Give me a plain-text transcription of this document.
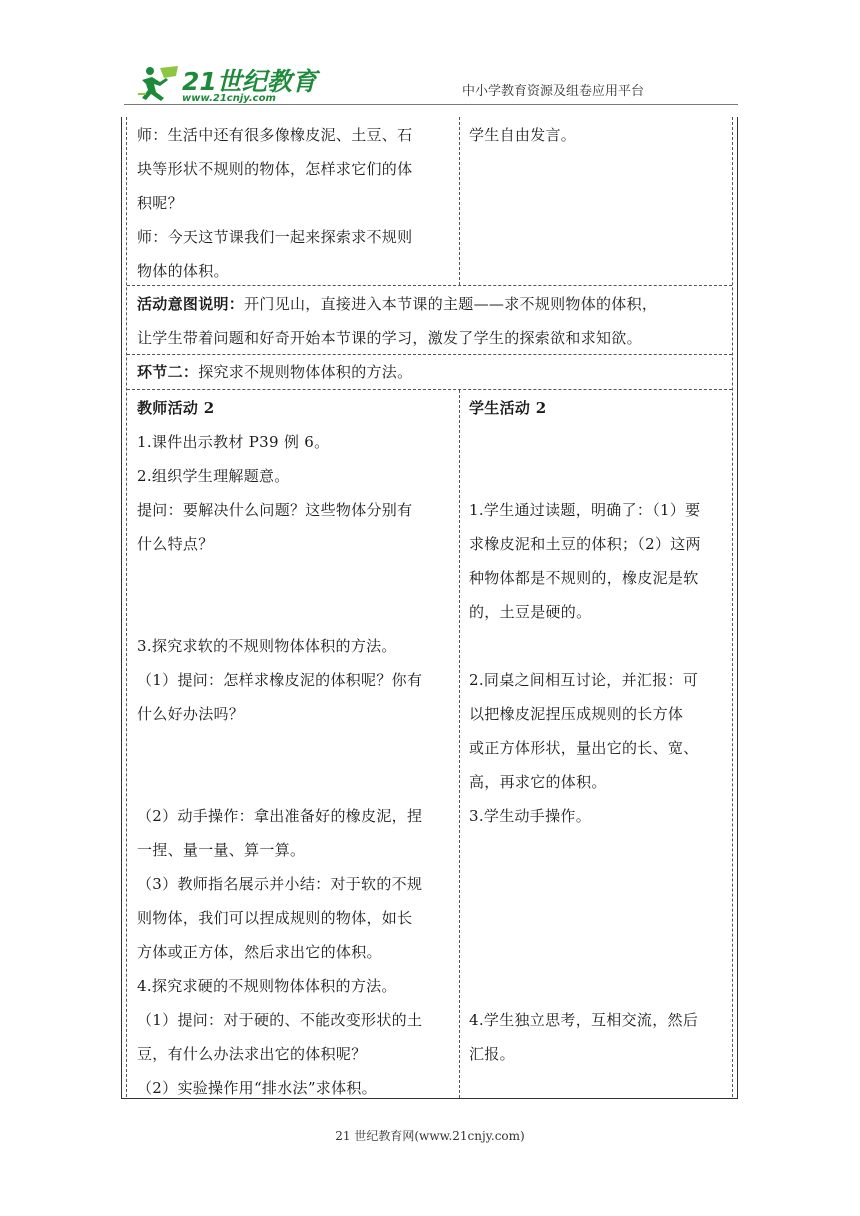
21世纪教育
www.21cnjy.com	中小学教育资源及组卷应用平台

师：生活中还有很多像橡皮泥、土豆、石

块等形状不规则的物体，怎样求它们的体

积呢？

师：今天这节课我们一起来探索求不规则

物体的体积。

学生自由发言。

活动意图说明：开门见山，直接进入本节课的主题——求不规则物体的体积，

让学生带着问题和好奇开始本节课的学习，激发了学生的探索欲和求知欲。

环节二：探究求不规则物体体积的方法。

教师活动 2

1.课件出示教材 P39 例 6。

2.组织学生理解题意。

提问：要解决什么问题？这些物体分别有

什么特点？

3.探究求软的不规则物体体积的方法。

（1）提问：怎样求橡皮泥的体积呢？你有

什么好办法吗？

（2）动手操作：拿出准备好的橡皮泥，捏

一捏、量一量、算一算。

（3）教师指名展示并小结：对于软的不规

则物体，我们可以捏成规则的物体，如长

方体或正方体，然后求出它的体积。

4.探究求硬的不规则物体体积的方法。

（1）提问：对于硬的、不能改变形状的土

豆，有什么办法求出它的体积呢？

（2）实验操作用“排水法”求体积。

学生活动 2

1.学生通过读题，明确了：（1）要

求橡皮泥和土豆的体积；（2）这两

种物体都是不规则的，橡皮泥是软

的，土豆是硬的。

2.同桌之间相互讨论，并汇报：可

以把橡皮泥捏压成规则的长方体

或正方体形状，量出它的长、宽、

高，再求它的体积。

3.学生动手操作。

4.学生独立思考，互相交流，然后

汇报。

21 世纪教育网(www.21cnjy.com)
